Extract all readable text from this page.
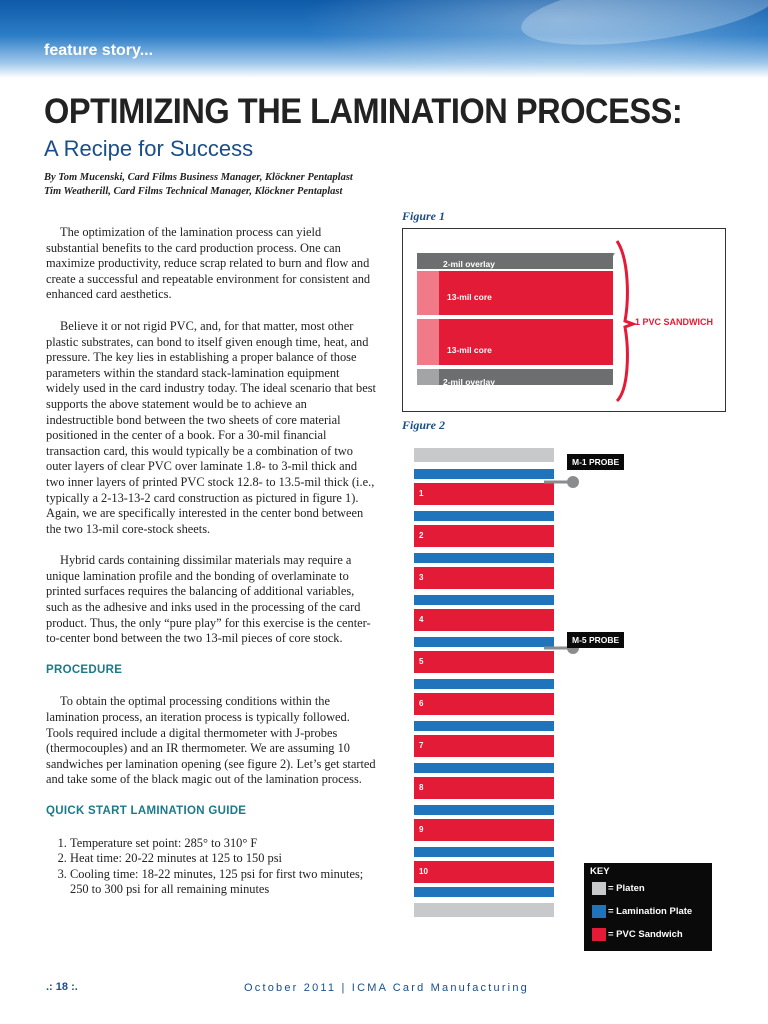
feature story...
OPTIMIZING THE LAMINATION PROCESS:
A Recipe for Success
By Tom Mucenski, Card Films Business Manager, Klöckner Pentaplast
Tim Weatherill, Card Films Technical Manager, Klöckner Pentaplast

The optimization of the lamination process can yield substantial benefits to the card production process. One can maximize productivity, reduce scrap related to burn and flow and create a successful and repeatable environment for consistent and enhanced card aesthetics.

Believe it or not rigid PVC, and, for that matter, most other plastic substrates, can bond to itself given enough time, heat, and pressure. The key lies in establishing a proper balance of those parameters within the standard stack-lamination equipment widely used in the card industry today. The ideal scenario that best supports the above statement would be to achieve an indestructible bond between the two sheets of core material positioned in the center of a book. For a 30-mil financial transaction card, this would typically be a combination of two outer layers of clear PVC over laminate 1.8- to 3-mil thick and two inner layers of printed PVC stock 12.8- to 13.5-mil thick (i.e., typically a 2-13-13-2 card construction as pictured in figure 1). Again, we are specifically interested in the center bond between the two 13-mil core-stock sheets.

Hybrid cards containing dissimilar materials may require a unique lamination profile and the bonding of overlaminate to printed surfaces requires the balancing of additional variables, such as the adhesive and inks used in the processing of the card product. Thus, the only “pure play” for this exercise is the center-to-center bond between the two 13-mil pieces of core stock.

PROCEDURE

To obtain the optimal processing conditions within the lamination process, an iteration process is typically followed. Tools required include a digital thermometer with J-probes (thermocouples) and an IR thermometer. We are assuming 10 sandwiches per lamination opening (see figure 2). Let’s get started and take some of the black magic out of the lamination process.

QUICK START LAMINATION GUIDE
1. Temperature set point: 285° to 310° F
2. Heat time: 20-22 minutes at 125 to 150 psi
3. Cooling time: 18-22 minutes, 125 psi for first two minutes; 250 to 300 psi for all remaining minutes
Figure 1
2-mil overlay
13-mil core
13-mil core
2-mil overlay
1 PVC SANDWICH
Figure 2
1
2
3
4
5
6
7
8
9
10
M-1 PROBE
M-5 PROBE
KEY
= Platen
= Lamination Plate
= PVC Sandwich
.: 18 :.	October 2011 | ICMA Card Manufacturing
